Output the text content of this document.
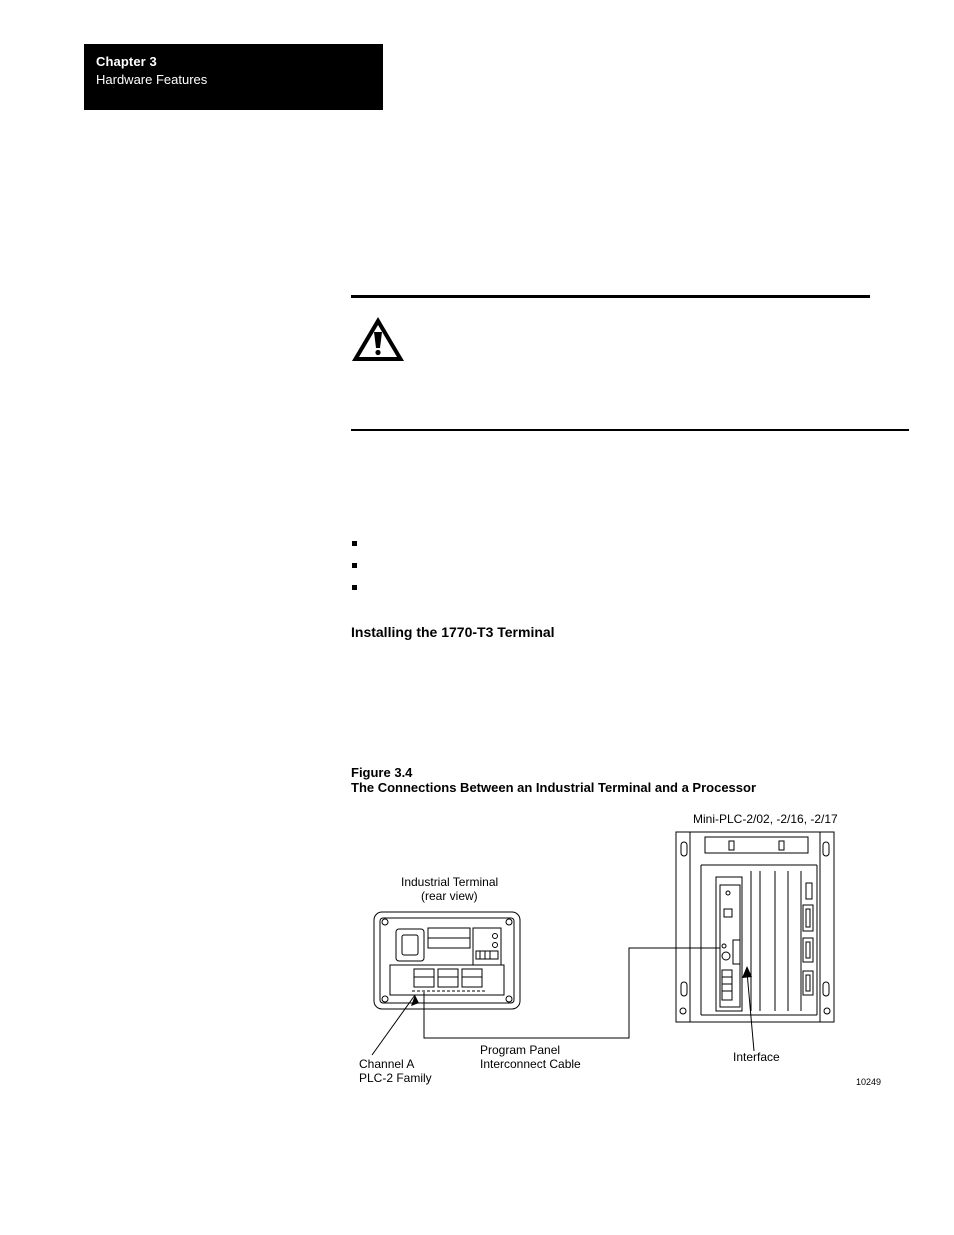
Chapter 3
Hardware Features
Installing the 1770-T3 Terminal
Figure 3.4
The Connections Between an Industrial Terminal and a Processor
Mini-PLC-2/02, -2/16, -2/17
Industrial Terminal
(rear view)
Program Panel
Interconnect Cable
Channel A
PLC-2 Family
Interface
10249
